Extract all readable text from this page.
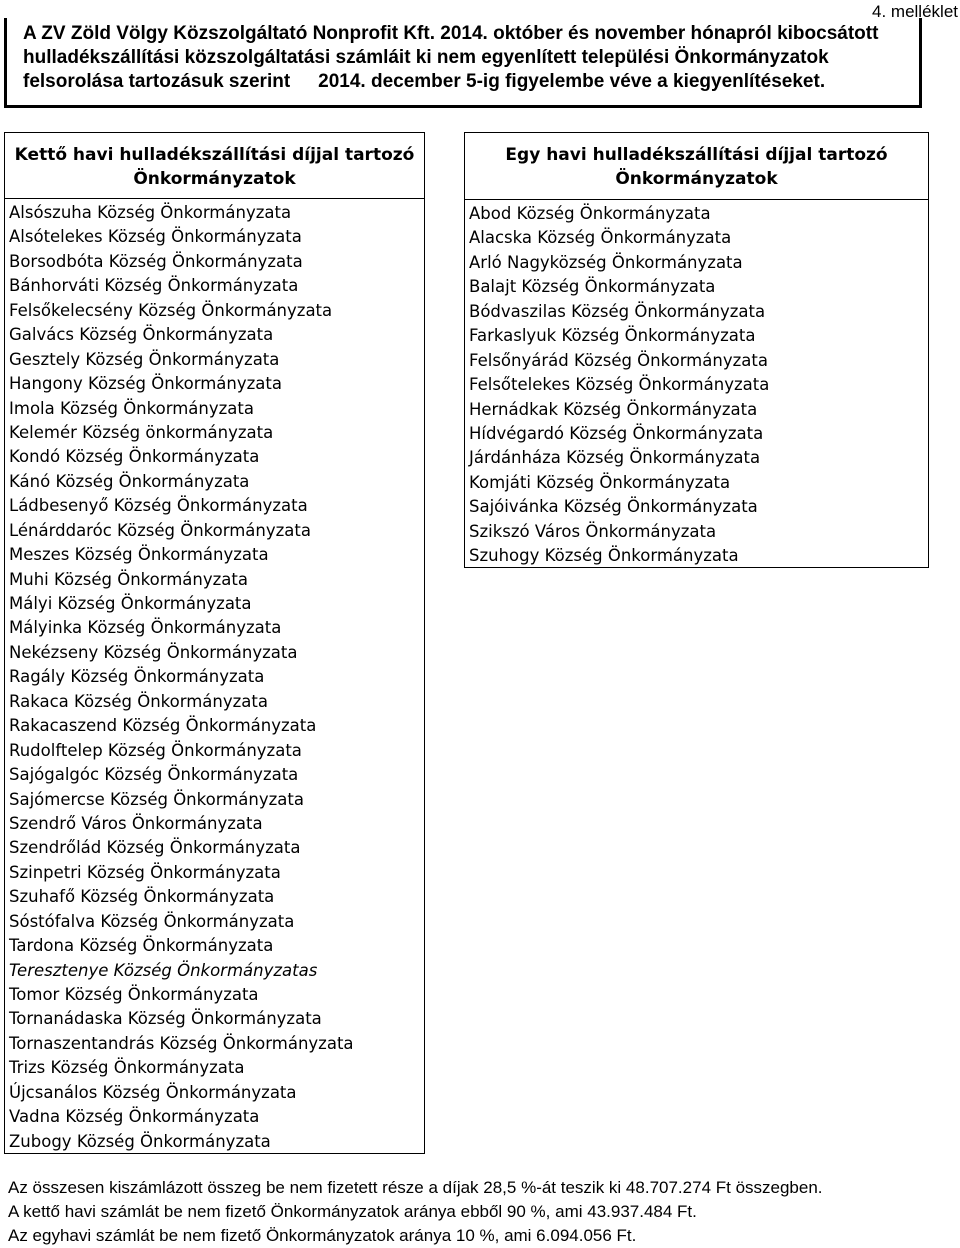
4. melléklet
A ZV Zöld Völgy Közszolgáltató Nonprofit Kft. 2014. október és november hónapról kibocsátott
hulladékszállítási közszolgáltatási számláit ki nem egyenlített települési Önkormányzatok
felsorolása tartozásuk szerint 2014. december 5-ig figyelembe véve a kiegyenlítéseket.
Kettő havi hulladékszállítási díjjal tartozó
Önkormányzatok
Alsószuha Község Önkormányzata
Alsótelekes Község Önkormányzata
Borsodbóta Község Önkormányzata
Bánhorváti Község Önkormányzata
Felsőkelecsény Község Önkormányzata
Galvács Község Önkormányzata
Gesztely Község Önkormányzata
Hangony Község Önkormányzata
Imola Község Önkormányzata
Kelemér Község önkormányzata
Kondó Község Önkormányzata
Kánó Község Önkormányzata
Ládbesenyő Község Önkormányzata
Lénárddaróc Község Önkormányzata
Meszes Község Önkormányzata
Muhi Község Önkormányzata
Mályi Község Önkormányzata
Mályinka Község Önkormányzata
Nekézseny Község Önkormányzata
Ragály Község Önkormányzata
Rakaca Község Önkormányzata
Rakacaszend Község Önkormányzata
Rudolftelep Község Önkormányzata
Sajógalgóc Község Önkormányzata
Sajómercse Község Önkormányzata
Szendrő Város Önkormányzata
Szendrőlád Község Önkormányzata
Szinpetri Község Önkormányzata
Szuhafő Község Önkormányzata
Sóstófalva Község Önkormányzata
Tardona Község Önkormányzata
Teresztenye Község Önkormányzatas
Tomor Község Önkormányzata
Tornanádaska Község Önkormányzata
Tornaszentandrás Község Önkormányzata
Trizs Község Önkormányzata
Újcsanálos Község Önkormányzata
Vadna Község Önkormányzata
Zubogy Község Önkormányzata
Egy havi hulladékszállítási díjjal tartozó
Önkormányzatok
Abod Község Önkormányzata
Alacska Község Önkormányzata
Arló Nagyközség Önkormányzata
Balajt Község Önkormányzata
Bódvaszilas Község Önkormányzata
Farkaslyuk Község Önkormányzata
Felsőnyárád Község Önkormányzata
Felsőtelekes Község Önkormányzata
Hernádkak Község Önkormányzata
Hídvégardó Község Önkormányzata
Járdánháza Község Önkormányzata
Komjáti Község Önkormányzata
Sajóivánka Község Önkormányzata
Szikszó Város Önkormányzata
Szuhogy Község Önkormányzata
Az összesen kiszámlázott összeg be nem fizetett része a díjak 28,5 %-át teszik ki 48.707.274 Ft összegben.
A kettő havi számlát be nem fizető Önkormányzatok aránya ebből 90 %, ami 43.937.484 Ft.
Az egyhavi számlát be nem fizető Önkormányzatok aránya 10 %, ami 6.094.056 Ft.
